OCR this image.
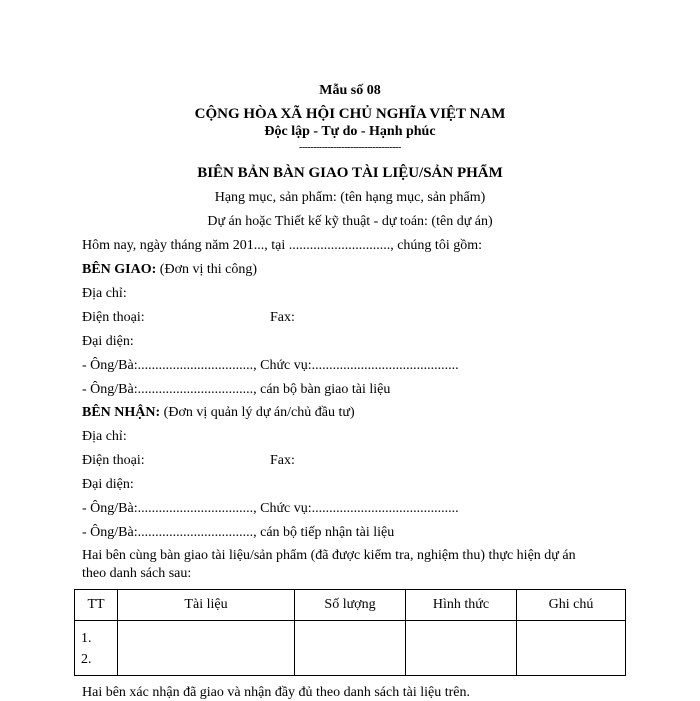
Mẫu số 08
CỘNG HÒA XÃ HỘI CHỦ NGHĨA VIỆT NAM
Độc lập - Tự do - Hạnh phúc
------------------------------------
BIÊN BẢN BÀN GIAO TÀI LIỆU/SẢN PHẨM
Hạng mục, sản phẩm: (tên hạng mục, sản phẩm)
Dự án hoặc Thiết kế kỹ thuật - dự toán: (tên dự án)
Hôm nay, ngày tháng năm 201..., tại ............................., chúng tôi gồm:
BÊN GIAO: (Đơn vị thi công)
Địa chỉ:
Điện thoại:	Fax:
Đại diện:
- Ông/Bà:................................., Chức vụ:..........................................
- Ông/Bà:................................., cán bộ bàn giao tài liệu
BÊN NHẬN: (Đơn vị quản lý dự án/chủ đầu tư)
Địa chỉ:
Điện thoại:	Fax:
Đại diện:
- Ông/Bà:................................., Chức vụ:..........................................
- Ông/Bà:................................., cán bộ tiếp nhận tài liệu
Hai bên cùng bàn giao tài liệu/sản phẩm (đã được kiểm tra, nghiệm thu) thực hiện dự án
theo danh sách sau:
TT	Tài liệu	Số lượng	Hình thức	Ghi chú

1.
2.				

Hai bên xác nhận đã giao và nhận đầy đủ theo danh sách tài liệu trên.
